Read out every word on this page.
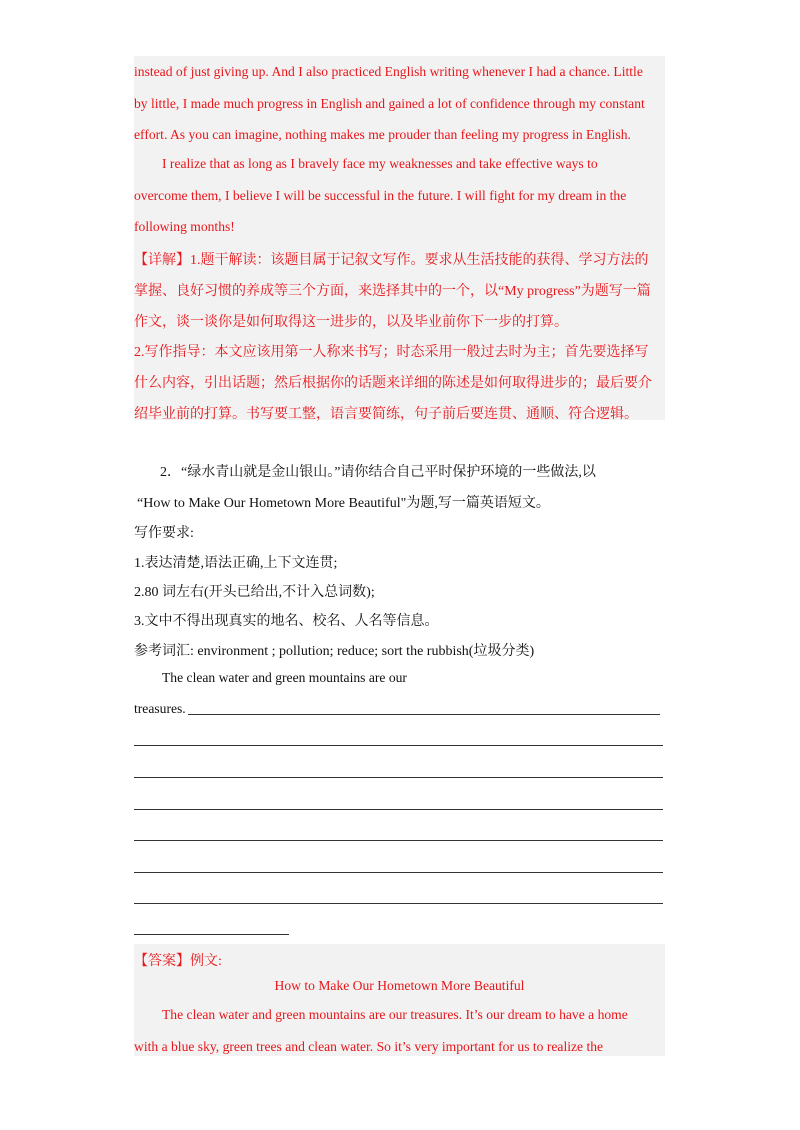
instead of just giving up. And I also practiced English writing whenever I had a chance. Little
by little, I made much progress in English and gained a lot of confidence through my constant
effort. As you can imagine, nothing makes me prouder than feeling my progress in English.
I realize that as long as I bravely face my weaknesses and take effective ways to
overcome them, I believe I will be successful in the future. I will fight for my dream in the
following months!
【详解】1.题干解读：该题目属于记叙文写作。要求从生活技能的获得、学习方法的
掌握、良好习惯的养成等三个方面，来选择其中的一个，以“My progress”为题写一篇
作文，谈一谈你是如何取得这一进步的，以及毕业前你下一步的打算。
2.写作指导：本文应该用第一人称来书写；时态采用一般过去时为主；首先要选择写
什么内容，引出话题；然后根据你的话题来详细的陈述是如何取得进步的；最后要介
绍毕业前的打算。书写要工整，语言要简练，句子前后要连贯、通顺、符合逻辑。
2．“绿水青山就是金山银山。”请你结合自己平时保护环境的一些做法,以
“How to Make Our Hometown More Beautiful"为题,写一篇英语短文。
写作要求:
1.表达清楚,语法正确,上下文连贯;
2.80 词左右(开头已给出,不计入总词数);
3.文中不得出现真实的地名、校名、人名等信息。
参考词汇: environment ; pollution; reduce; sort the rubbish(垃圾分类)
The clean water and green mountains are our
treasures.
【答案】例文:
How to Make Our Hometown More Beautiful
The clean water and green mountains are our treasures. It’s our dream to have a home
with a blue sky, green trees and clean water. So it’s very important for us to realize the
